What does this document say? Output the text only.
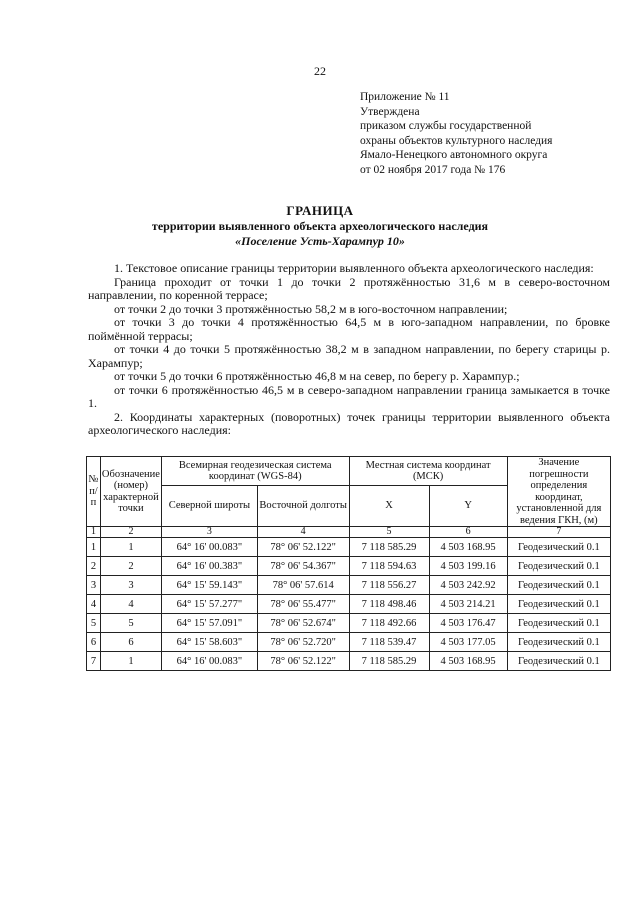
22
Приложение № 11
Утверждена
приказом службы государственной
охраны объектов культурного наследия
Ямало-Ненецкого автономного округа
от 02 ноября 2017 года № 176
ГРАНИЦА
территории выявленного объекта археологического наследия
«Поселение Усть-Харампур 10»

1. Текстовое описание границы территории выявленного объекта археологического наследия:

Граница проходит от точки 1 до точки 2 протяжённостью 31,6 м в северо-восточном направлении, по коренной террасе;

от точки 2 до точки 3 протяжённостью 58,2 м в юго-восточном направлении;

от точки 3 до точки 4 протяжённостью 64,5 м в юго-западном направлении, по бровке поймённой террасы;

от точки 4 до точки 5 протяжённостью 38,2 м в западном направлении, по берегу старицы р. Харампур;

от точки 5 до точки 6 протяжённостью 46,8 м на север, по берегу р. Харампур.;

от точки 6 протяжённостью 46,5 м в северо-западном направлении граница замыкается в точке 1.

2. Координаты характерных (поворотных) точек границы территории выявленного объекта археологического наследия:

№ п/п	Обозначение (номер) характерной точки	Всемирная геодезическая система координат (WGS-84)		Местная система координат (МСК)		Значение погрешности определения координат, установленной для ведения ГКН, (м)
		Северной широты	Восточной долготы	X	Y	
1	2	3	4	5	6	7
1	1	64° 16' 00.083"	78° 06' 52.122"	7 118 585.29	4 503 168.95	Геодезический 0.1
2	2	64° 16' 00.383"	78° 06' 54.367"	7 118 594.63	4 503 199.16	Геодезический 0.1
3	3	64° 15' 59.143"	78° 06' 57.614	7 118 556.27	4 503 242.92	Геодезический 0.1
4	4	64° 15' 57.277"	78° 06' 55.477"	7 118 498.46	4 503 214.21	Геодезический 0.1
5	5	64° 15' 57.091"	78° 06' 52.674"	7 118 492.66	4 503 176.47	Геодезический 0.1
6	6	64° 15' 58.603"	78° 06' 52.720"	7 118 539.47	4 503 177.05	Геодезический 0.1
7	1	64° 16' 00.083"	78° 06' 52.122"	7 118 585.29	4 503 168.95	Геодезический 0.1
